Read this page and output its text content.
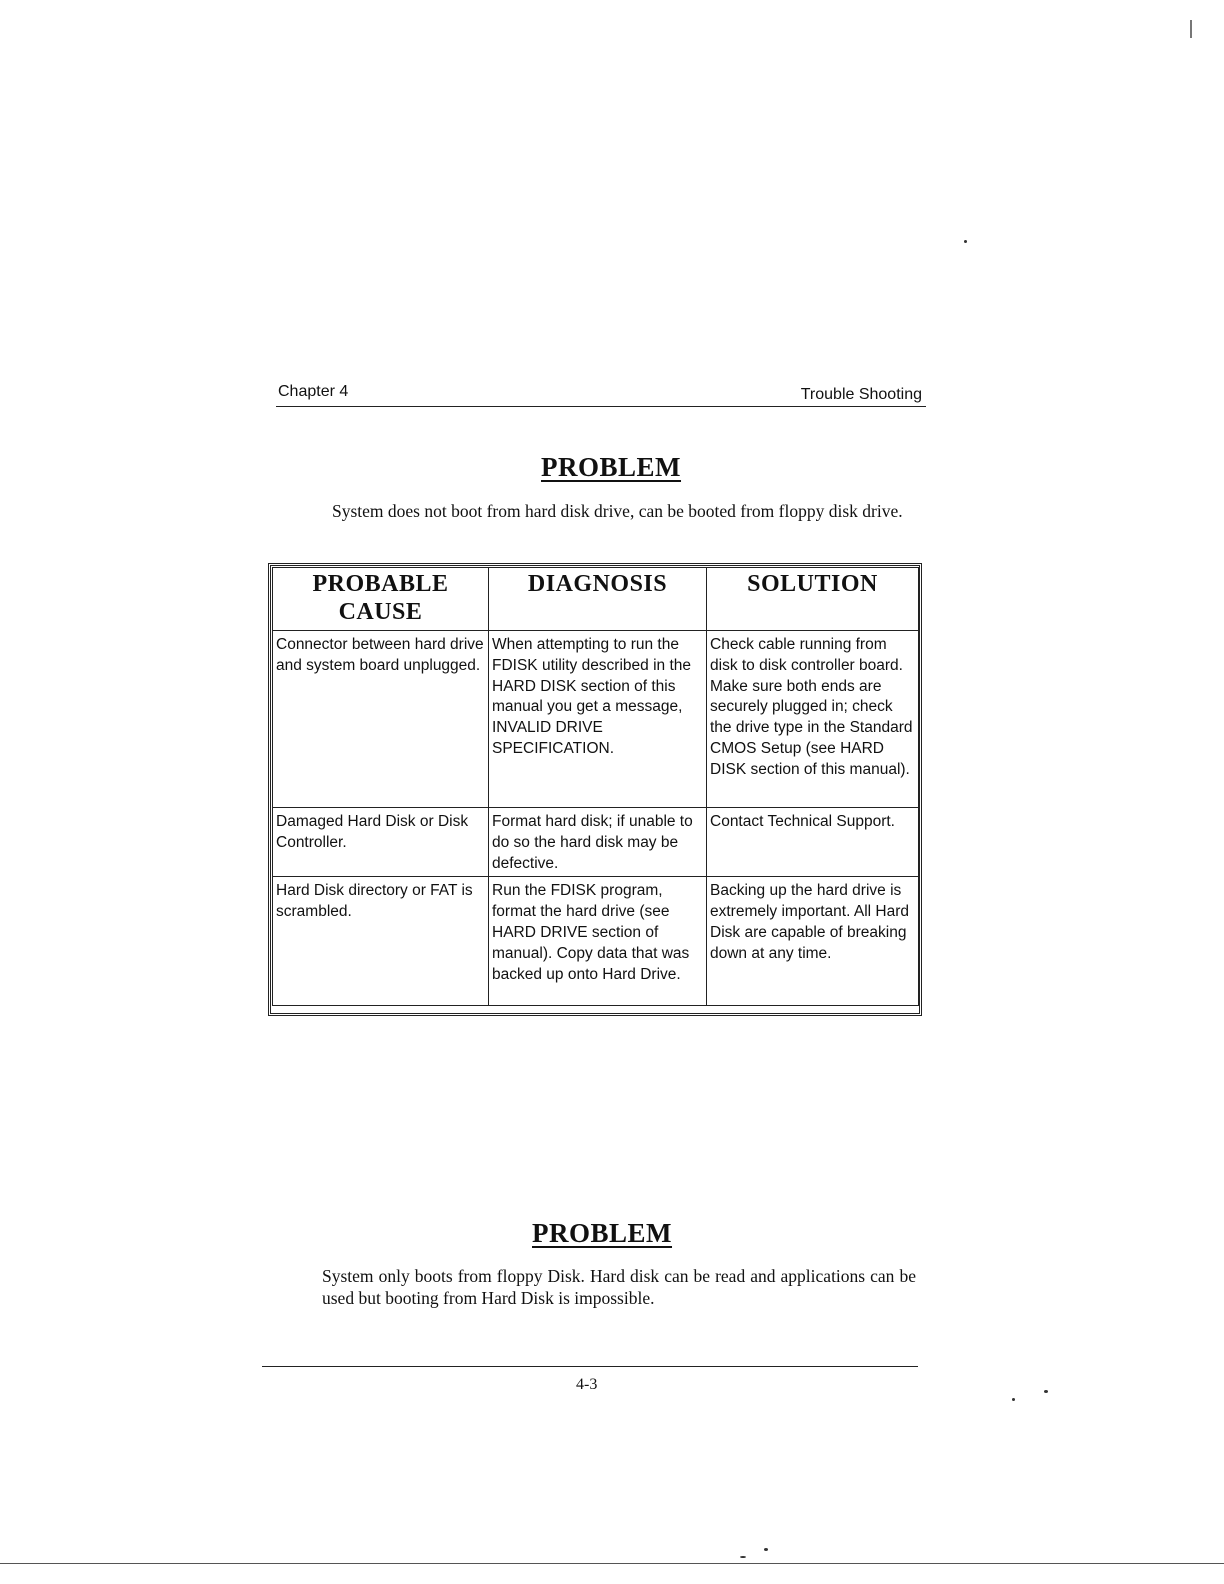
Chapter 4	Trouble Shooting
PROBLEM
System does not boot from hard disk drive, can be booted from floppy disk drive.
PROBABLE CAUSE	DIAGNOSIS	SOLUTION
Connector between hard drive and system board unplugged.	When attempting to run the FDISK utility described in the HARD DISK section of this manual you get a message, INVALID DRIVE SPECIFICATION.	Check cable running from disk to disk controller board. Make sure both ends are securely plugged in; check the drive type in the Standard CMOS Setup (see HARD DISK section of this manual).
Damaged Hard Disk or Disk Controller.	Format hard disk; if unable to do so the hard disk may be defective.	Contact Technical Support.
Hard Disk directory or FAT is scrambled.	Run the FDISK program, format the hard drive (see HARD DRIVE section of manual). Copy data that was backed up onto Hard Drive.	Backing up the hard drive is extremely important. All Hard Disk are capable of breaking down at any time.
PROBLEM
System only boots from floppy Disk. Hard disk can be read and applications can be used but booting from Hard Disk is impossible.
4-3
